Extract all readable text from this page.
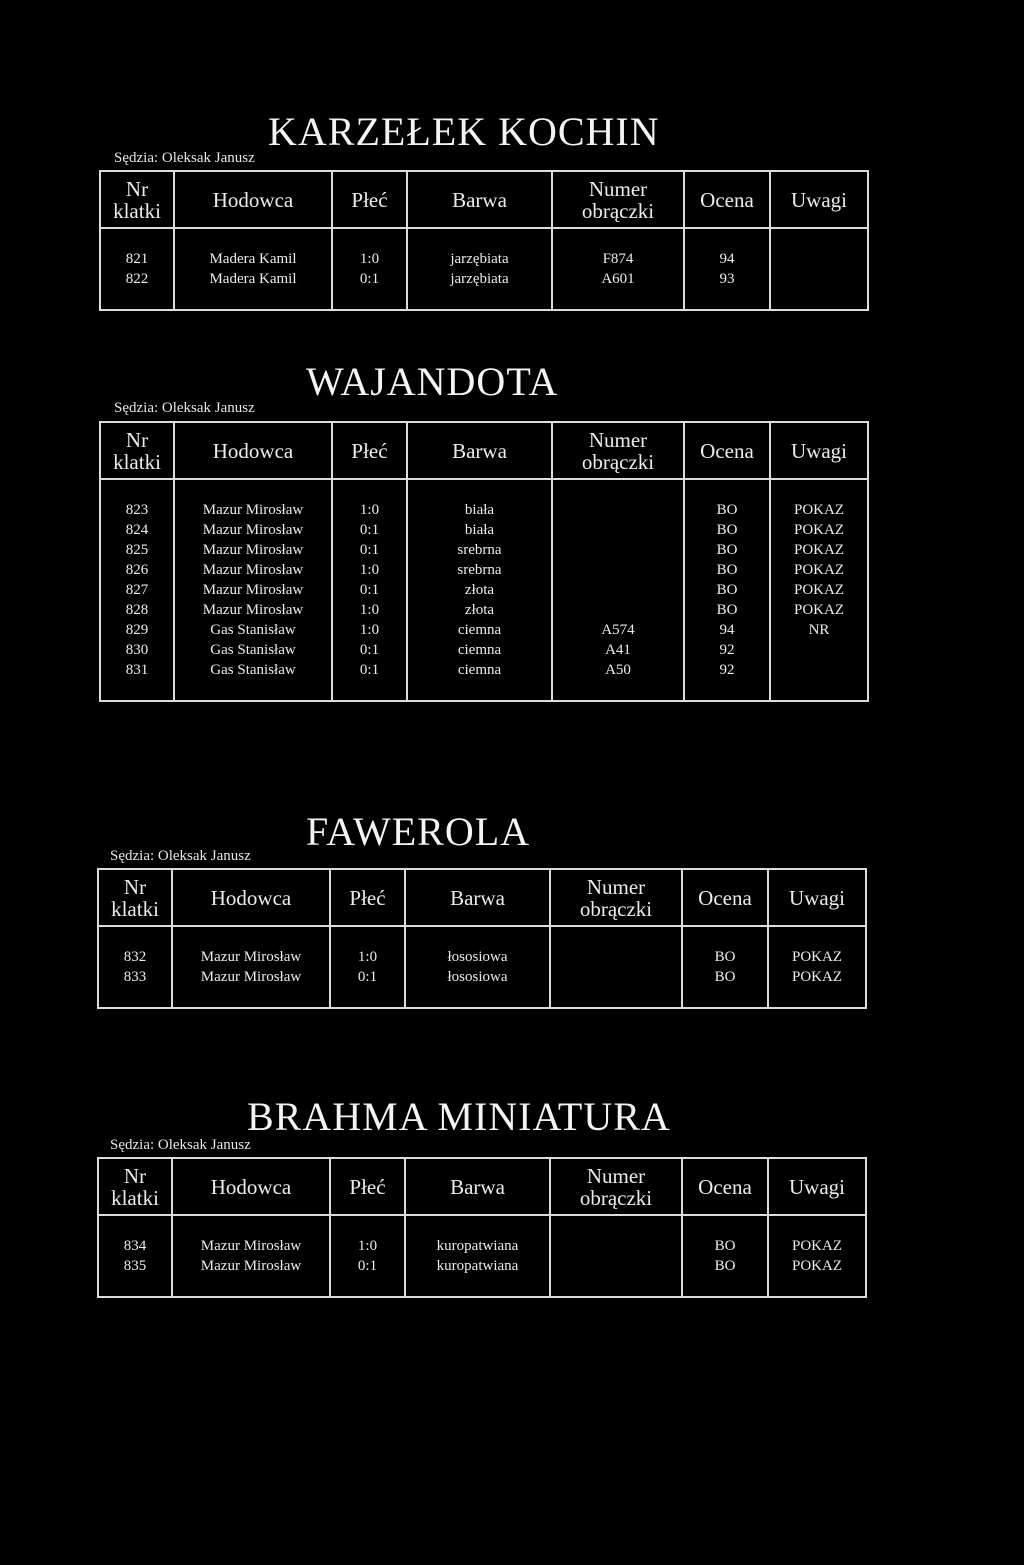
KARZEŁEK KOCHIN
Sędzia: Oleksak Janusz
Nr
klatki	Hodowca	Płeć	Barwa	Numer
obrączki	Ocena	Uwagi

821	Madera Kamil	1:0	jarzębiata	F874	94	
822	Madera Kamil	0:1	jarzębiata	A601	93	

WAJANDOTA
Sędzia: Oleksak Janusz
Nr
klatki	Hodowca	Płeć	Barwa	Numer
obrączki	Ocena	Uwagi

823	Mazur Mirosław	1:0	biała		BO	POKAZ
824	Mazur Mirosław	0:1	biała		BO	POKAZ
825	Mazur Mirosław	0:1	srebrna		BO	POKAZ
826	Mazur Mirosław	1:0	srebrna		BO	POKAZ
827	Mazur Mirosław	0:1	złota		BO	POKAZ
828	Mazur Mirosław	1:0	złota		BO	POKAZ
829	Gas Stanisław	1:0	ciemna	A574	94	NR
830	Gas Stanisław	0:1	ciemna	A41	92	
831	Gas Stanisław	0:1	ciemna	A50	92	

FAWEROLA
Sędzia: Oleksak Janusz
Nr
klatki	Hodowca	Płeć	Barwa	Numer
obrączki	Ocena	Uwagi

832	Mazur Mirosław	1:0	łososiowa		BO	POKAZ
833	Mazur Mirosław	0:1	łososiowa		BO	POKAZ

BRAHMA MINIATURA
Sędzia: Oleksak Janusz
Nr
klatki	Hodowca	Płeć	Barwa	Numer
obrączki	Ocena	Uwagi

834	Mazur Mirosław	1:0	kuropatwiana		BO	POKAZ
835	Mazur Mirosław	0:1	kuropatwiana		BO	POKAZ
